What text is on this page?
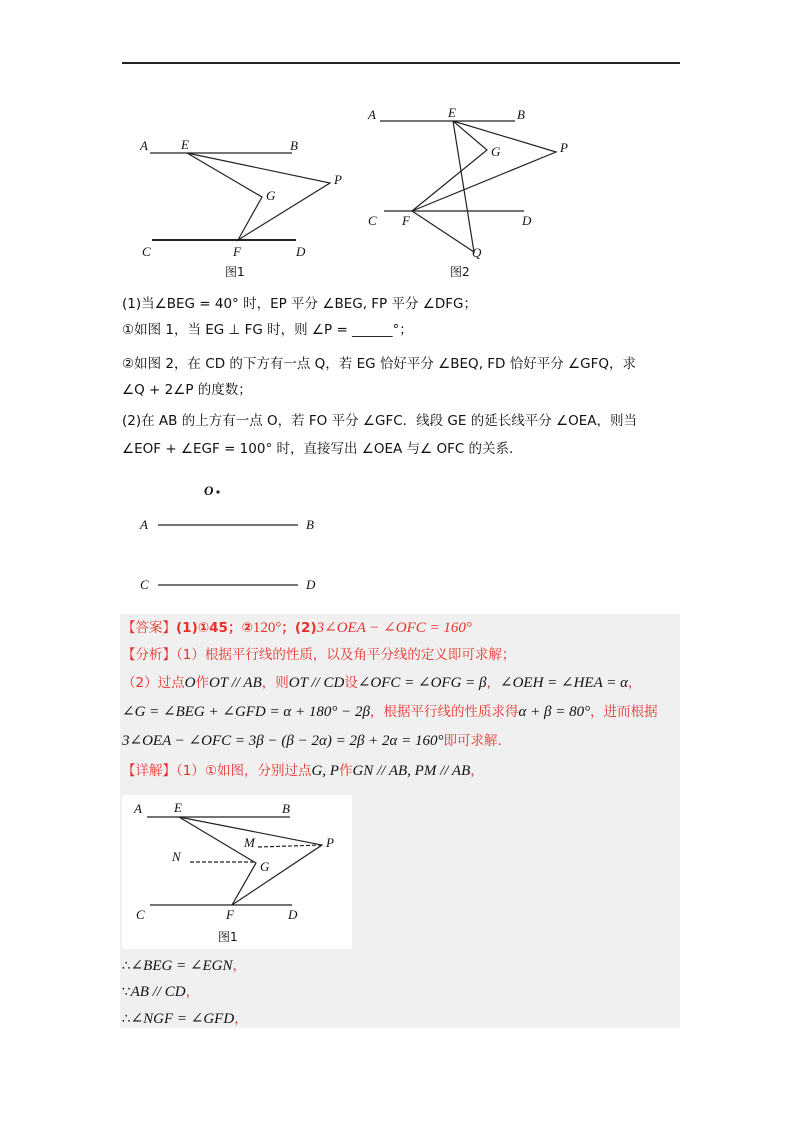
A	E	B
P
G
C	F	D
图1
A	E	B
P
G
C F	D
Q
图2
(1)当∠BEG = 40° 时，EP 平分 ∠BEG, FP 平分 ∠DFG；
①如图 1，当 EG ⊥ FG 时，则 ∠P = ______°；
②如图 2，在 CD 的下方有一点 Q，若 EG 恰好平分 ∠BEQ, FD 恰好平分 ∠GFQ，求
∠Q + 2∠P 的度数；
(2)在 AB 的上方有一点 O，若 FO 平分 ∠GFC．线段 GE 的延长线平分 ∠OEA，则当
∠EOF + ∠EGF = 100° 时，直接写出 ∠OEA 与∠ OFC 的关系．
O
A	B
C	D
【答案】(1)①45；②120°；(2)3∠OEA − ∠OFC = 160°
【分析】（1）根据平行线的性质，以及角平分线的定义即可求解；
（2）过点O作OT // AB，则OT // CD设∠OFC = ∠OFG = β，∠OEH = ∠HEA = α，
∠G = ∠BEG + ∠GFD = α + 180° − 2β，根据平行线的性质求得α + β = 80°，进而根据
3∠OEA − ∠OFC = 3β − (β − 2α) = 2β + 2α = 160°即可求解.
【详解】（1）①如图，分别过点G, P作GN // AB, PM // AB，
A E	B
M	P
N
G
C	F	D
图1
∴∠BEG = ∠EGN，
∵AB // CD，
∴∠NGF = ∠GFD，
